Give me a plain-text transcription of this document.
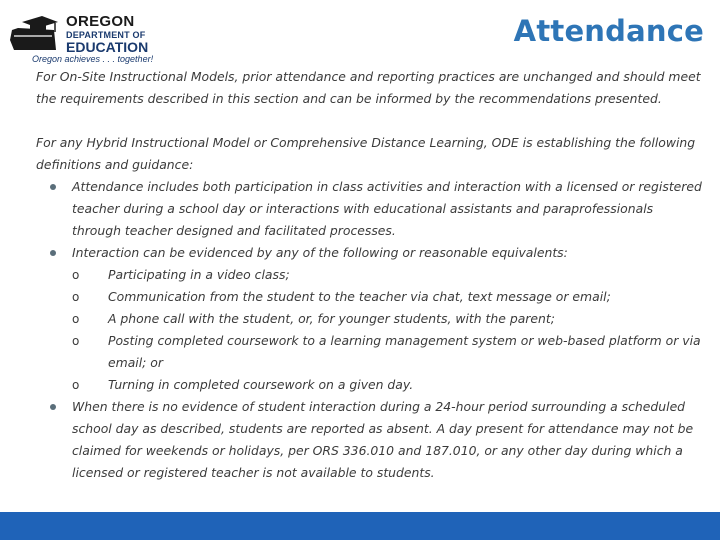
OREGON
DEPARTMENT OF
EDUCATION
Oregon achieves . . . together!
Attendance

For On-Site Instructional Models, prior attendance and reporting practices are unchanged and should meet the requirements described in this section and can be informed by the recommendations presented.

For any Hybrid Instructional Model or Comprehensive Distance Learning, ODE is establishing the following definitions and guidance:

Attendance includes both participation in class activities and interaction with a licensed or registered teacher during a school day or interactions with educational assistants and paraprofessionals through teacher designed and facilitated processes.
Interaction can be evidenced by any of the following or reasonable equivalents:
o Participating in a video class;
o Communication from the student to the teacher via chat, text message or email;
o A phone call with the student, or, for younger students, with the parent;
o Posting completed coursework to a learning management system or web-based platform or via email; or
o Turning in completed coursework on a given day.
When there is no evidence of student interaction during a 24-hour period surrounding a scheduled school day as described, students are reported as absent. A day present for attendance may not be claimed for weekends or holidays, per ORS 336.010 and 187.010, or any other day during which a licensed or registered teacher is not available to students.
